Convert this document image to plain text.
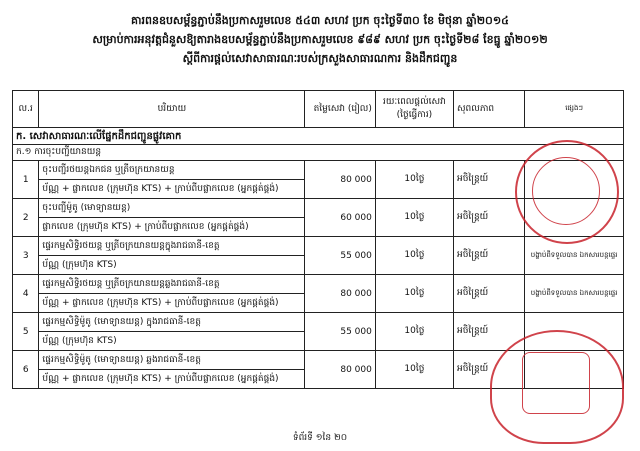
គារពនឧបសម្ព័ន្ធភ្ជាប់នឹងប្រកាសរួមលេខ ៥៤៣ សហវ ប្រក ចុះថ្ងៃទី៣០ ខែ មិថុនា ឆ្នាំ២០១៤
សម្រាប់ការអនុវត្តជំនួសឱ្យតារាងឧបសម្ព័ន្ធភ្ជាប់នឹងប្រកាសរួមលេខ ៩៨៩ សហវ ប្រក ចុះថ្ងៃទី២៨ ខែធ្នូ ឆ្នាំ២០១២
ស្តីពីការផ្តល់សេវាសាធារណៈរបស់ក្រសួងសាធារណការ និងដឹកជញ្ជូន
ល.រ	បរិយាយ	តម្លៃសេវា (រៀល)	រយៈពេលផ្តល់សេវា (ថ្ងៃធ្វើការ)	សុពលភាព	ផ្សេងៗ
ក. សេវាសាធារណៈលើផ្នែកដឹកជញ្ជូនផ្លូវគោក					
ក.១ ការចុះបញ្ជីយានយន្ត					
1	ចុះបញ្ជីរថយន្តឯកជន ឬត្រីចក្រយានយន្ត	80 000	10ថ្ងៃ	អចិន្ត្រៃយ៍	
	ប័ណ្ណ + ផ្លាកលេខ (ក្រុមហ៊ុន KTS) + ក្រាប់ពីបផ្លាកលេខ (អ្នកផ្គត់ផ្គង់)				
2	ចុះបញ្ជីម៉ូតូ (មោទ្យានយន្ត)	60 000	10ថ្ងៃ	អចិន្ត្រៃយ៍	
	ផ្លាកលេខ (ក្រុមហ៊ុន KTS) + ក្រាប់ពីបផ្លាកលេខ (អ្នកផ្គត់ផ្គង់)				
3	ផ្ទេរកម្មសិទ្ធិរថយន្ត ឬត្រីចក្រយានយន្តក្នុងរាជធានី-ខេត្ត	55 000	10ថ្ងៃ	អចិន្ត្រៃយ៍	បង្ហាប់ពីទទួលបាន ឯកសារបន្តផ្ទេរ
	ប័ណ្ណ (ក្រុមហ៊ុន KTS)				
4	ផ្ទេរកម្មសិទ្ធិរថយន្ត ឬត្រីចក្រយានយន្តឆ្លងរាជធានី-ខេត្ត	80 000	10ថ្ងៃ	អចិន្ត្រៃយ៍	បង្ហាប់ពីទទួលបាន ឯកសារបន្តផ្ទេរ
	ប័ណ្ណ + ផ្លាកលេខ (ក្រុមហ៊ុន KTS) + ក្រាប់ពីបផ្លាកលេខ (អ្នកផ្គត់ផ្គង់)				
5	ផ្ទេរកម្មសិទ្ធិម៉ូតូ (មោទ្យានយន្ត) ក្នុងរាជធានី-ខេត្ត	55 000	10ថ្ងៃ	អចិន្ត្រៃយ៍	
	ប័ណ្ណ (ក្រុមហ៊ុន KTS)				
6	ផ្ទេរកម្មសិទ្ធិម៉ូតូ (មោទ្យានយន្ត) ឆ្លងរាជធានី-ខេត្ត	80 000	10ថ្ងៃ	អចិន្ត្រៃយ៍	
	ប័ណ្ណ + ផ្លាកលេខ (ក្រុមហ៊ុន KTS) + ក្រាប់ពីបផ្លាកលេខ (អ្នកផ្គត់ផ្គង់)				
ទំព័រទី ១នៃ ២០
